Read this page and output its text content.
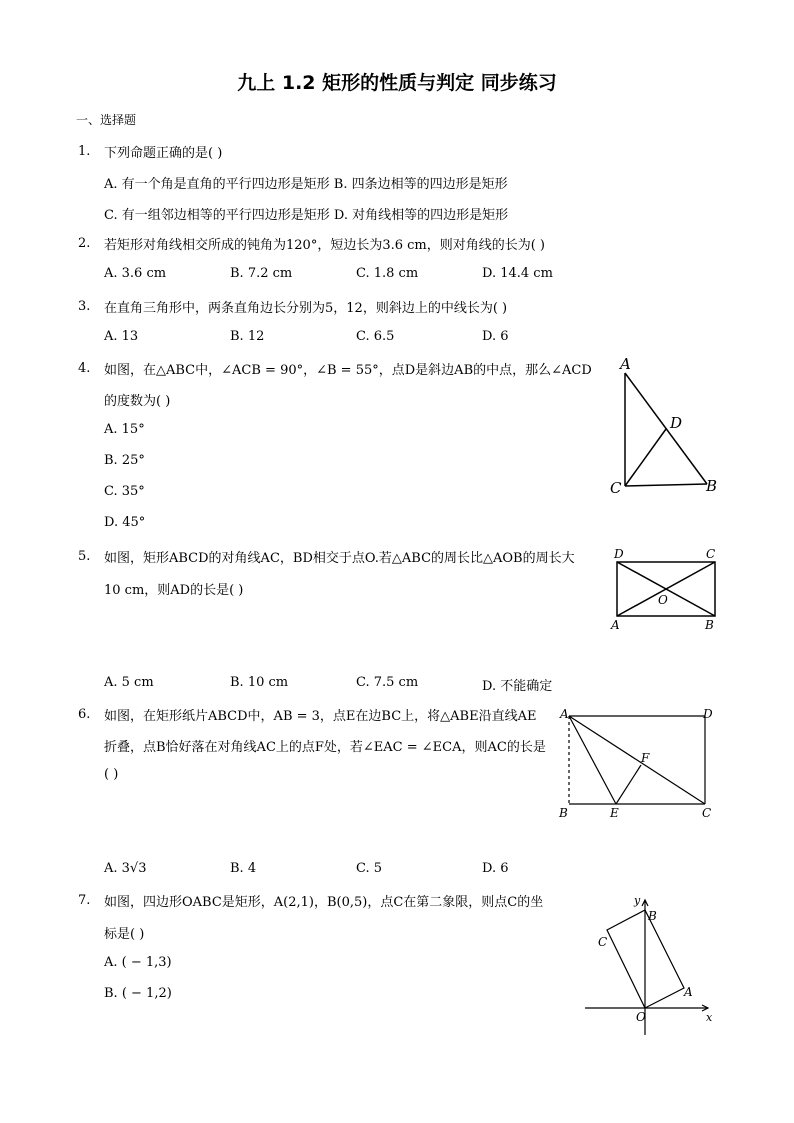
九上 1.2 矩形的性质与判定 同步练习
一、选择题
1. 下列命题正确的是( )
A. 有一个角是直角的平行四边形是矩形 B. 四条边相等的四边形是矩形
C. 有一组邻边相等的平行四边形是矩形 D. 对角线相等的四边形是矩形
2. 若矩形对角线相交所成的钝角为120°，短边长为3.6 cm，则对角线的长为( )
A. 3.6 cm	B. 7.2 cm	C. 1.8 cm	D. 14.4 cm
3. 在直角三角形中，两条直角边长分别为5，12，则斜边上的中线长为( )
A. 13	B. 12	C. 6.5	D. 6
4. 如图，在△ABC中，∠ACB = 90°，∠B = 55°，点D是斜边AB的中点，那么∠ACD
的度数为( )
A. 15°
B. 25°
C. 35°
D. 45°
A
D
C	B
5. 如图，矩形ABCD的对角线AC，BD相交于点O.若△ABC的周长比△AOB的周长大
10 cm，则AD的长是( )
A. 5 cm	B. 10 cm	C. 7.5 cm	D. 不能确定
D	C
O
A	B
6. 如图，在矩形纸片ABCD中，AB = 3，点E在边BC上，将△ABE沿直线AE
折叠，点B恰好落在对角线AC上的点F处，若∠EAC = ∠ECA，则AC的长是
( )
A. 3√3	B. 4	C. 5	D. 6
A	D
F
B	E	C
7. 如图，四边形OABC是矩形，A(2,1)，B(0,5)，点C在第二象限，则点C的坐
标是( )
A. ( − 1,3)
B. ( − 1,2)
y
B
C
A
O	x
